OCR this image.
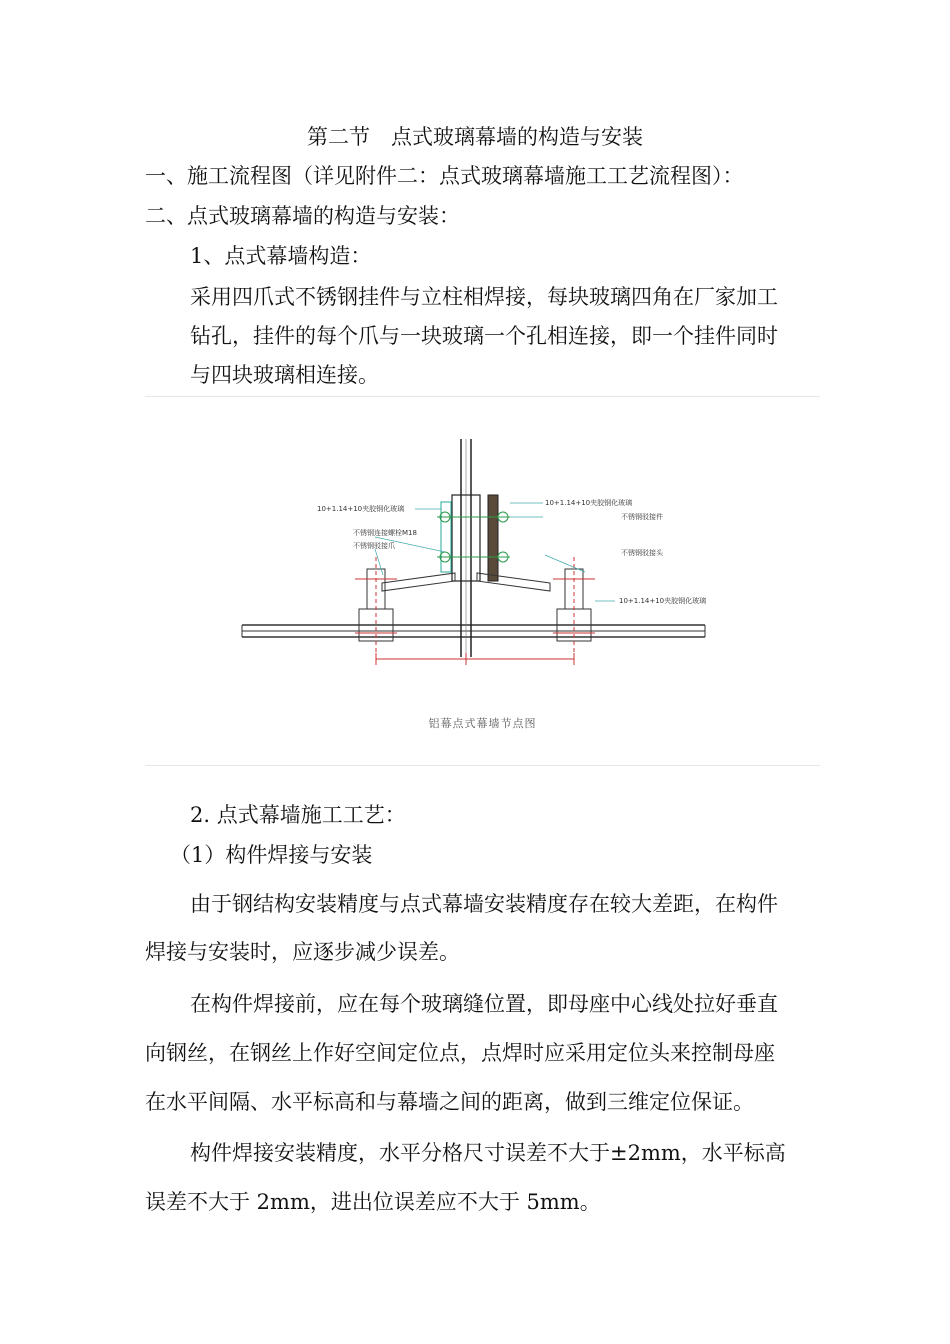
第二节　点式玻璃幕墙的构造与安装
一、施工流程图（详见附件二：点式玻璃幕墙施工工艺流程图）：
二、点式玻璃幕墙的构造与安装：
1、点式幕墙构造：
采用四爪式不锈钢挂件与立柱相焊接，每块玻璃四角在厂家加工
钻孔，挂件的每个爪与一块玻璃一个孔相连接，即一个挂件同时
与四块玻璃相连接。
10+1.14+10夹胶钢化玻璃
不锈钢连接螺栓M18
不锈钢驳接爪
10+1.14+10夹胶钢化玻璃
不锈钢驳接件
不锈钢驳接头
10+1.14+10夹胶钢化玻璃
铝幕点式幕墙节点图
2. 点式幕墙施工工艺：
（1）构件焊接与安装
由于钢结构安装精度与点式幕墙安装精度存在较大差距，在构件
焊接与安装时，应逐步减少误差。
在构件焊接前，应在每个玻璃缝位置，即母座中心线处拉好垂直
向钢丝，在钢丝上作好空间定位点，点焊时应采用定位头来控制母座
在水平间隔、水平标高和与幕墙之间的距离，做到三维定位保证。
构件焊接安装精度，水平分格尺寸误差不大于±2mm，水平标高
误差不大于 2mm，进出位误差应不大于 5mm。
